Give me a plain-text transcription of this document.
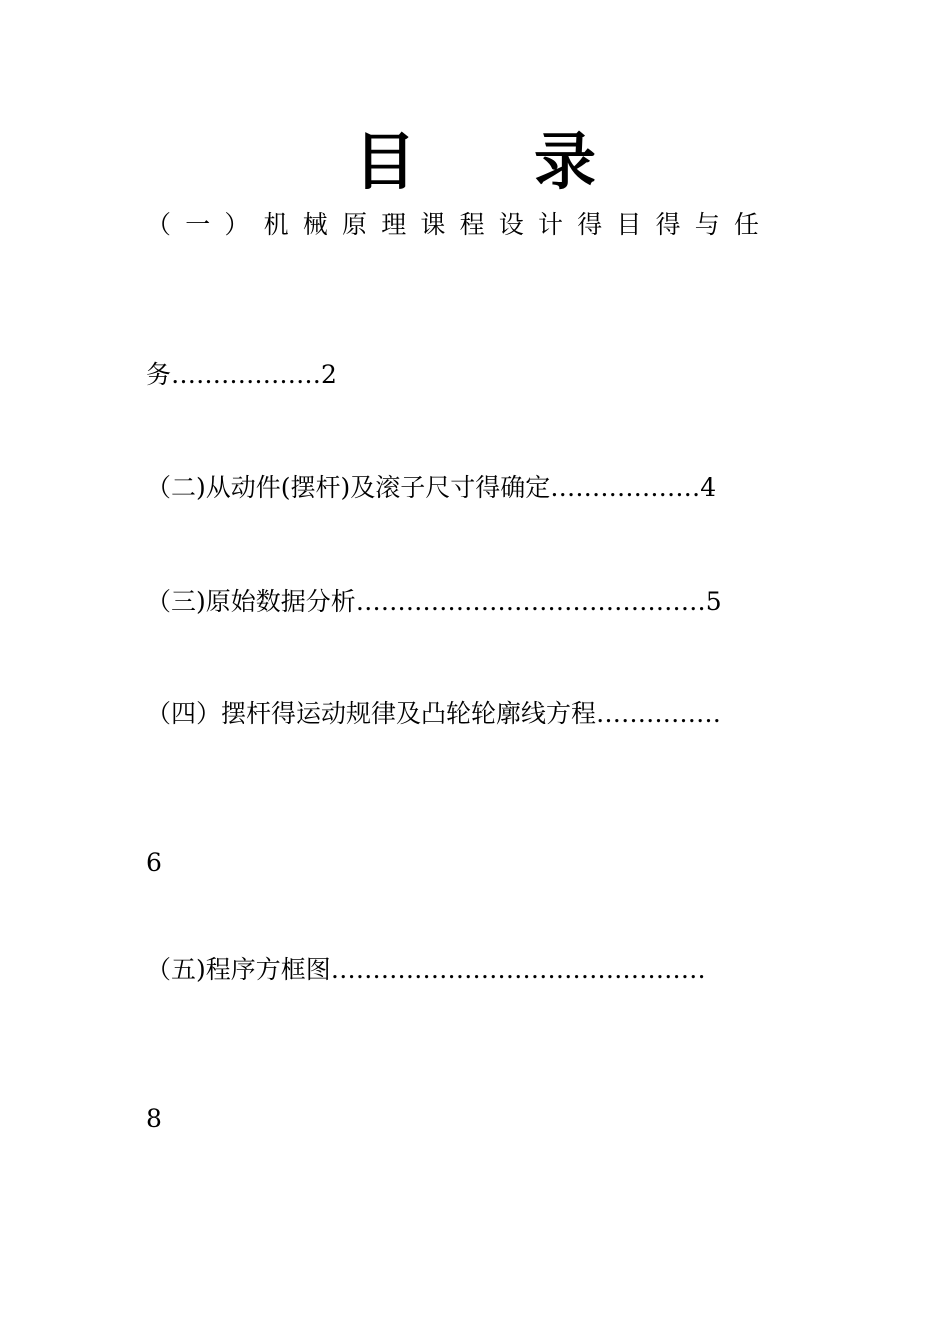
目录
（一）机械原理课程设计得目得与任
务………………2
（二)从动件(摆杆)及滚子尺寸得确定………………4
（三)原始数据分析……………………………………5
（四）摆杆得运动规律及凸轮轮廓线方程……………
6
（五)程序方框图………………………………………
8
